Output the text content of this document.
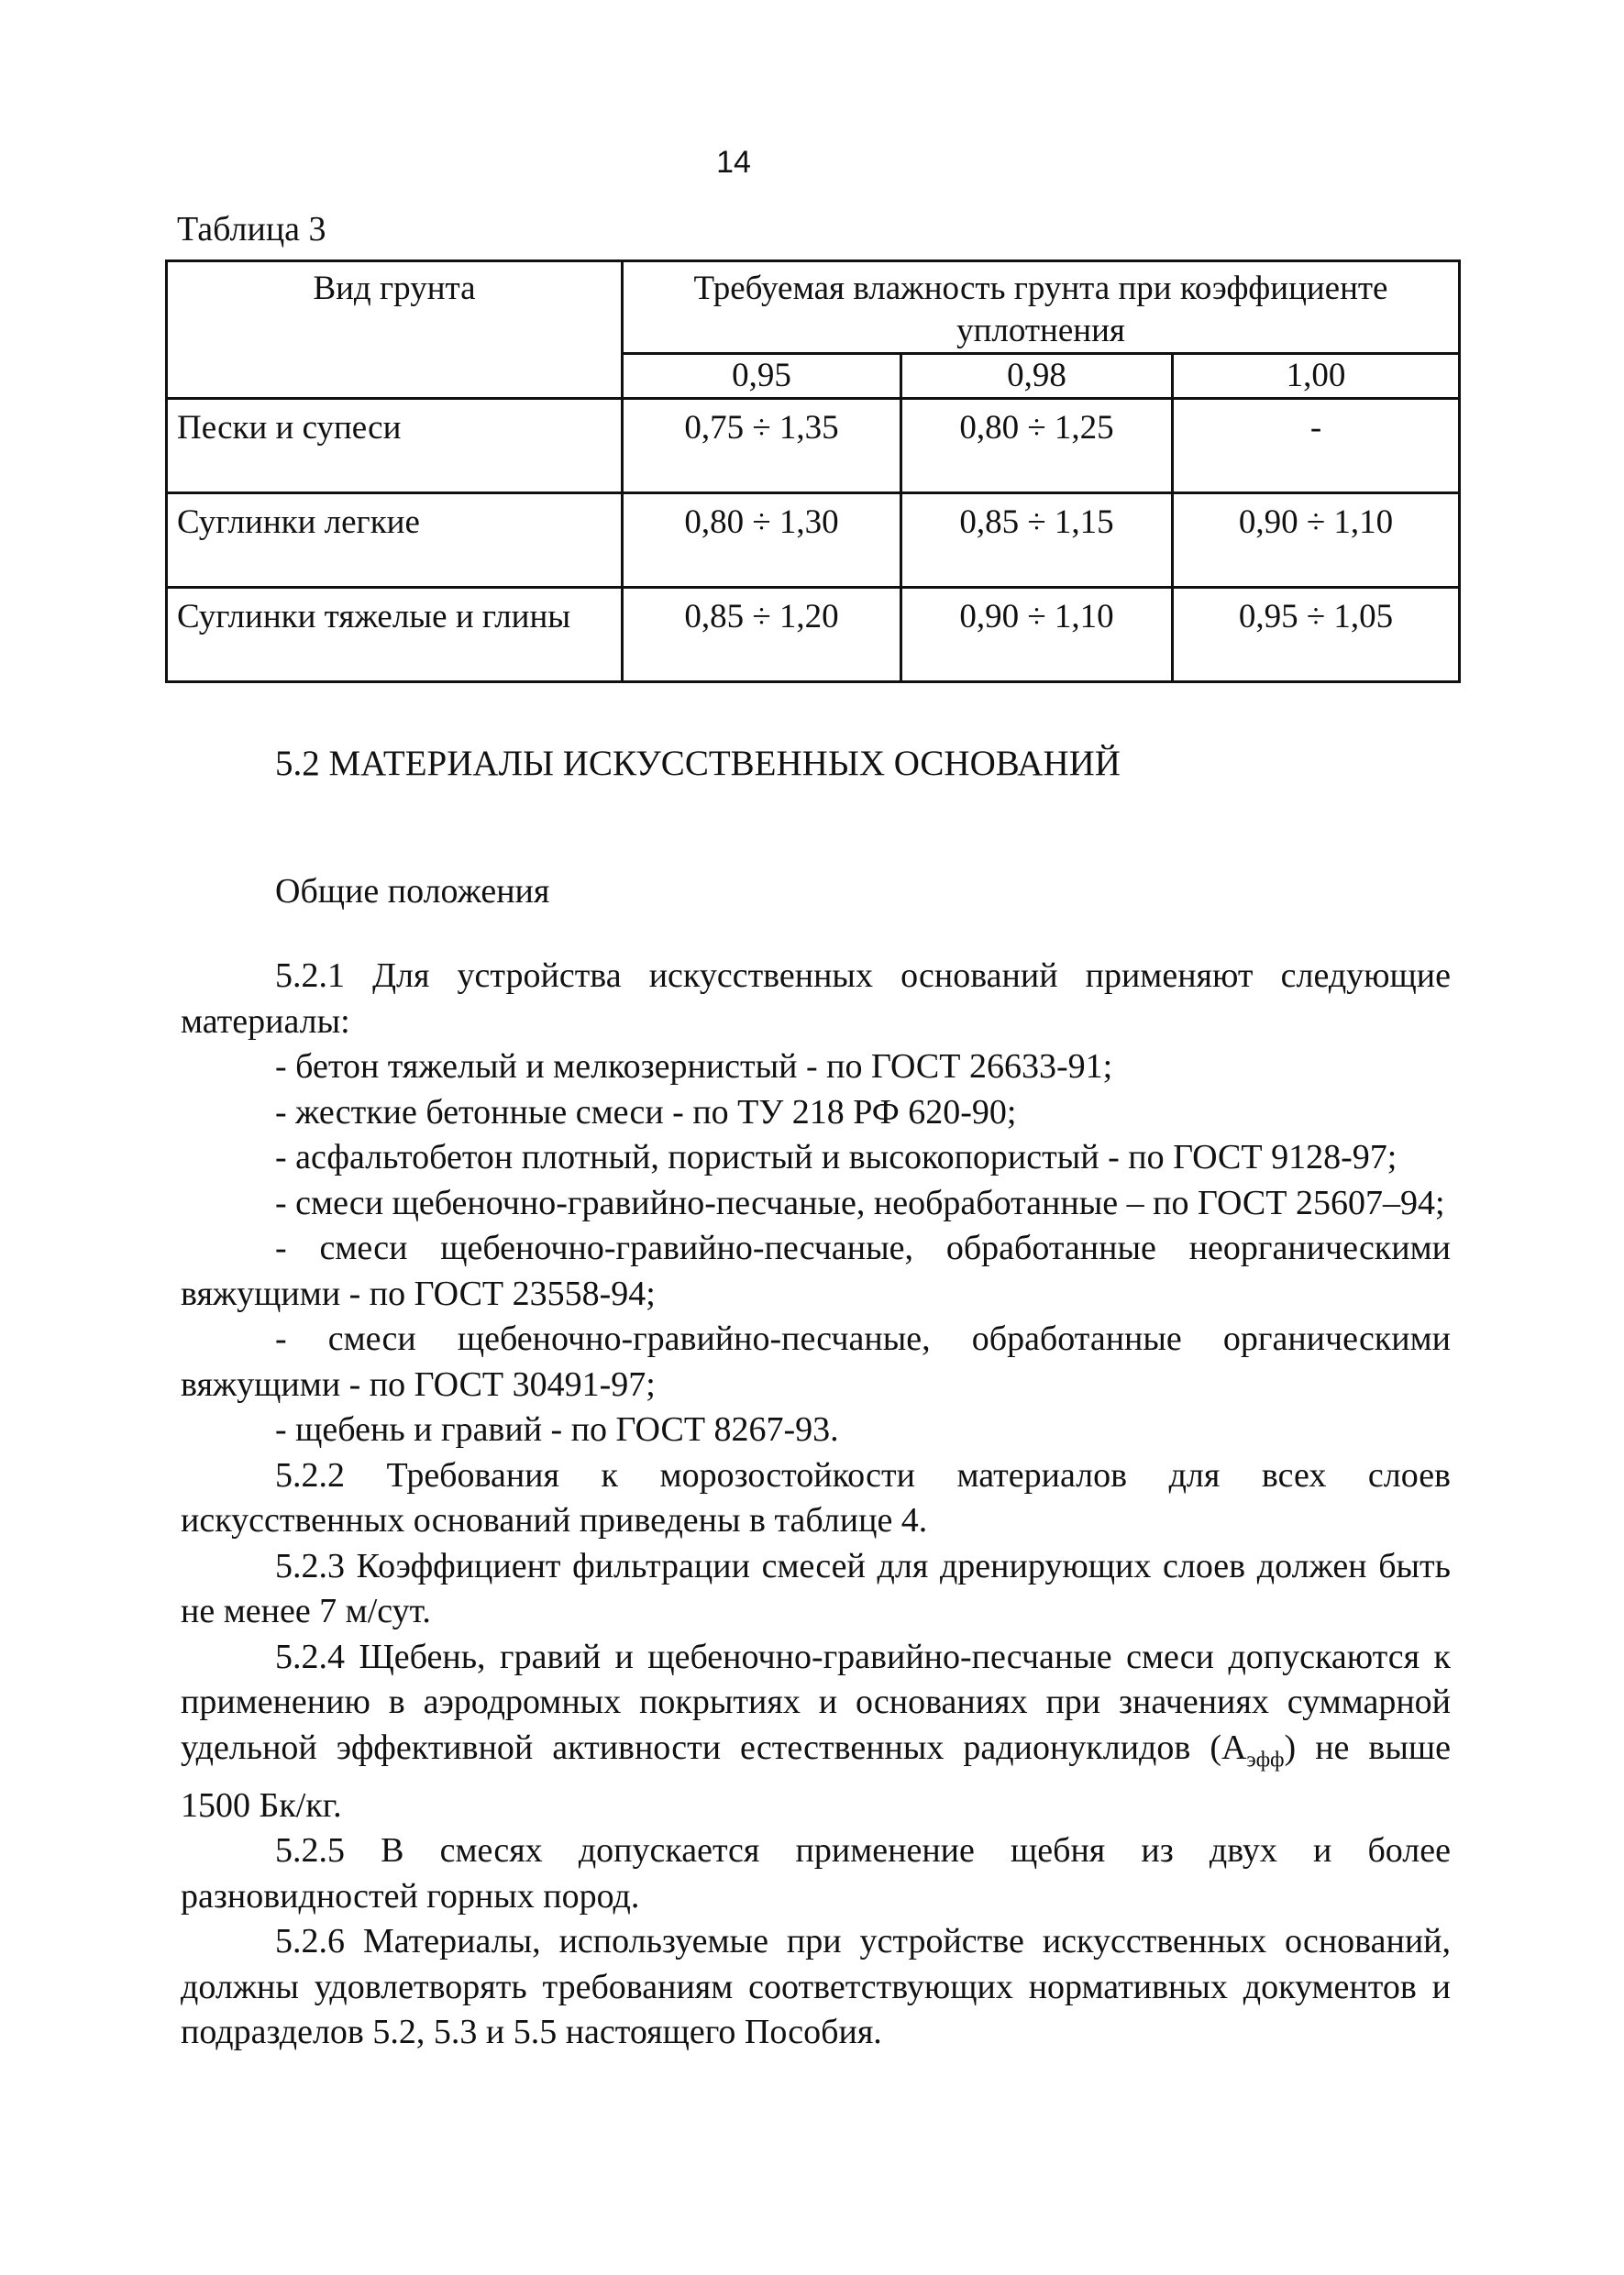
14
Таблица 3
Вид грунта	Требуемая влажность грунта при коэффициенте уплотнения		
	0,95	0,98	1,00
Пески и супеси	0,75 ÷ 1,35	0,80 ÷ 1,25	-
Суглинки легкие	0,80 ÷ 1,30	0,85 ÷ 1,15	0,90 ÷ 1,10
Суглинки тяжелые и глины	0,85 ÷ 1,20	0,90 ÷ 1,10	0,95 ÷ 1,05
5.2 МАТЕРИАЛЫ ИСКУССТВЕННЫХ ОСНОВАНИЙ
Общие положения

5.2.1 Для устройства искусственных оснований применяют следующие материалы:

- бетон тяжелый и мелкозернистый - по ГОСТ 26633-91;

- жесткие бетонные смеси - по ТУ 218 РФ 620-90;

- асфальтобетон плотный, пористый и высокопористый - по ГОСТ 9128-97;

- смеси щебеночно-гравийно-песчаные, необработанные – по ГОСТ 25607–94;

- смеси щебеночно-гравийно-песчаные, обработанные неорганическими вяжущими - по ГОСТ 23558-94;

- смеси щебеночно-гравийно-песчаные, обработанные органическими вяжущими - по ГОСТ 30491-97;

- щебень и гравий - по ГОСТ 8267-93.

5.2.2 Требования к морозостойкости материалов для всех слоев искусственных оснований приведены в таблице 4.

5.2.3 Коэффициент фильтрации смесей для дренирующих слоев должен быть не менее 7 м/сут.

5.2.4 Щебень, гравий и щебеночно-гравийно-песчаные смеси допускаются к применению в аэродромных покрытиях и основаниях при значениях суммарной удельной эффективной активности естественных радионуклидов $(А_{эфф})$ не выше 1500 Бк/кг.

5.2.5 В смесях допускается применение щебня из двух и более разновидностей горных пород.

5.2.6 Материалы, используемые при устройстве искусственных оснований, должны удовлетворять требованиям соответствующих нормативных документов и подразделов 5.2, 5.3 и 5.5 настоящего Пособия.
